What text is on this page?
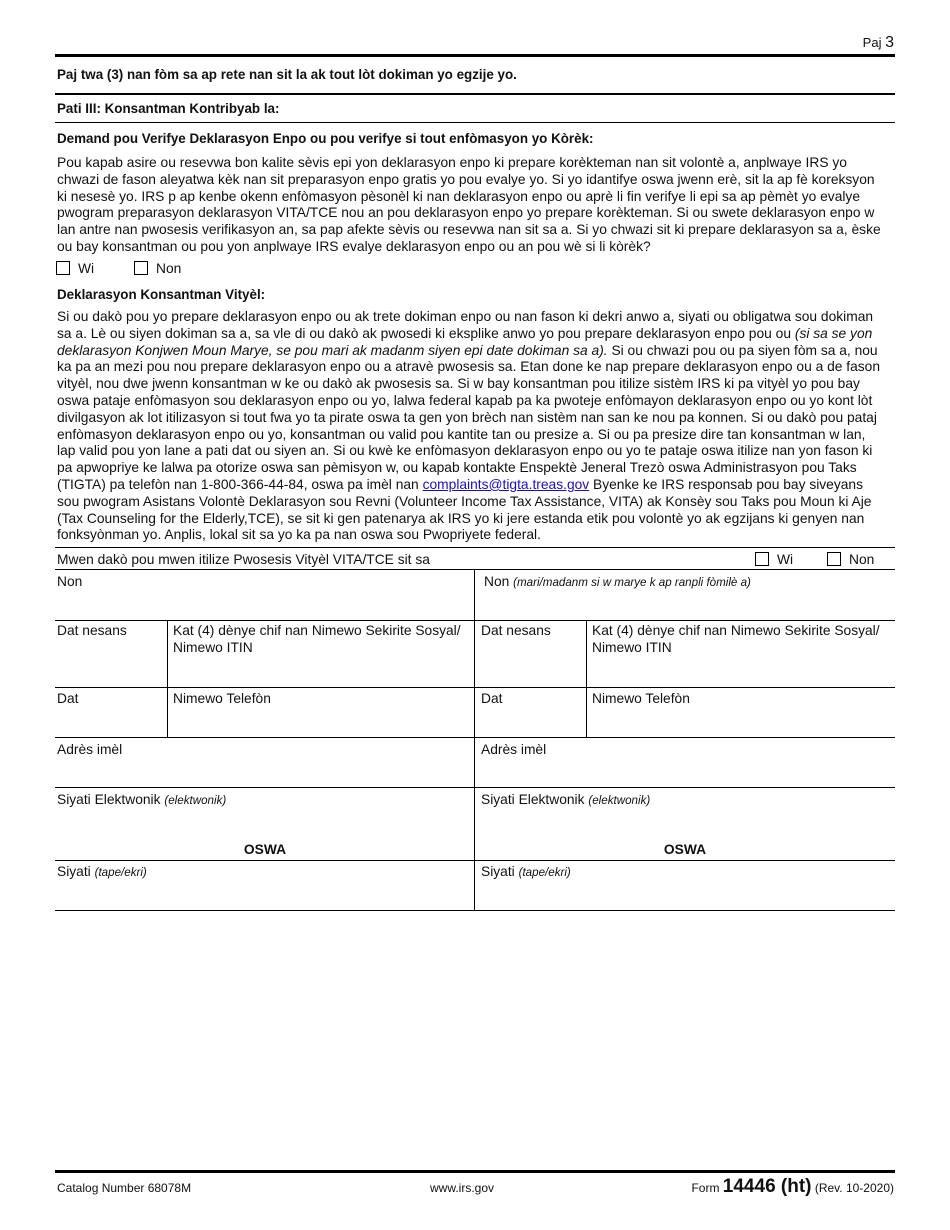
Paj 3
Paj twa (3) nan fòm sa ap rete nan sit la ak tout lòt dokiman yo egzije yo.
Pati III: Konsantman Kontribyab la:
Demand pou Verifye Deklarasyon Enpo ou pou verifye si tout enfòmasyon yo Kòrèk:
Pou kapab asire ou resevwa bon kalite sèvis epi yon deklarasyon enpo ki prepare korèkteman nan sit volontè a, anplwaye IRS yo
chwazi de fason aleyatwa kèk nan sit preparasyon enpo gratis yo pou evalye yo. Si yo idantifye oswa jwenn erè, sit la ap fè koreksyon
ki nesesè yo. IRS p ap kenbe okenn enfòmasyon pèsonèl ki nan deklarasyon enpo ou aprè li fin verifye li epi sa ap pèmèt yo evalye
pwogram preparasyon deklarasyon VITA/TCE nou an pou deklarasyon enpo yo prepare korèkteman. Si ou swete deklarasyon enpo w
lan antre nan pwosesis verifikasyon an, sa pap afekte sèvis ou resevwa nan sit sa a. Si yo chwazi sit ki prepare deklarasyon sa a, èske
ou bay konsantman ou pou yon anplwaye IRS evalye deklarasyon enpo ou an pou wè si li kòrèk?
Wi	Non
Deklarasyon Konsantman Vityèl:
Si ou dakò pou yo prepare deklarasyon enpo ou ak trete dokiman enpo ou nan fason ki dekri anwo a, siyati ou obligatwa sou dokiman
sa a. Lè ou siyen dokiman sa a, sa vle di ou dakò ak pwosedi ki eksplike anwo yo pou prepare deklarasyon enpo pou ou (si sa se yon
deklarasyon Konjwen Moun Marye, se pou mari ak madanm siyen epi date dokiman sa a). Si ou chwazi pou ou pa siyen fòm sa a, nou
ka pa an mezi pou nou prepare deklarasyon enpo ou a atravè pwosesis sa. Etan done ke nap prepare deklarasyon enpo ou a de fason
vityèl, nou dwe jwenn konsantman w ke ou dakò ak pwosesis sa. Si w bay konsantman pou itilize sistèm IRS ki pa vityèl yo pou bay
oswa pataje enfòmasyon sou deklarasyon enpo ou yo, lalwa federal kapab pa ka pwoteje enfòmayon deklarasyon enpo ou yo kont lòt
divilgasyon ak lot itilizasyon si tout fwa yo ta pirate oswa ta gen yon brèch nan sistèm nan san ke nou pa konnen. Si ou dakò pou pataj
enfòmasyon deklarasyon enpo ou yo, konsantman ou valid pou kantite tan ou presize a. Si ou pa presize dire tan konsantman w lan,
lap valid pou yon lane a pati dat ou siyen an. Si ou kwè ke enfòmasyon deklarasyon enpo ou yo te pataje oswa itilize nan yon fason ki
pa apwopriye ke lalwa pa otorize oswa san pèmisyon w, ou kapab kontakte Enspektè Jeneral Trezò oswa Administrasyon pou Taks
(TIGTA) pa telefòn nan 1-800-366-44-84, oswa pa imèl nan complaints@tigta.treas.gov Byenke ke IRS responsab pou bay siveyans
sou pwogram Asistans Volontè Deklarasyon sou Revni (Volunteer Income Tax Assistance, VITA) ak Konsèy sou Taks pou Moun ki Aje
(Tax Counseling for the Elderly,TCE), se sit ki gen patenarya ak IRS yo ki jere estanda etik pou volontè yo ak egzijans ki genyen nan
fonksyònman yo. Anplis, lokal sit sa yo ka pa nan oswa sou Pwopriyete federal.
Mwen dakò pou mwen itilize Pwosesis Vityèl VITA/TCE sit sa	Wi	Non
Non	Non (mari/madanm si w marye k ap ranpli fòmilè a)
Dat nesans	Kat (4) dènye chif nan Nimewo Sekirite Sosyal/
Nimewo ITIN
Dat nesans	Kat (4) dènye chif nan Nimewo Sekirite Sosyal/
Nimewo ITIN
Dat	Nimewo Telefòn	Dat	Nimewo Telefòn
Adrès imèl	Adrès imèl
Siyati Elektwonik (elektwonik)	Siyati Elektwonik (elektwonik)
OSWA	OSWA
Siyati (tape/ekri)	Siyati (tape/ekri)
Catalog Number 68078M	www.irs.gov	Form 14446 (ht) (Rev. 10-2020)
